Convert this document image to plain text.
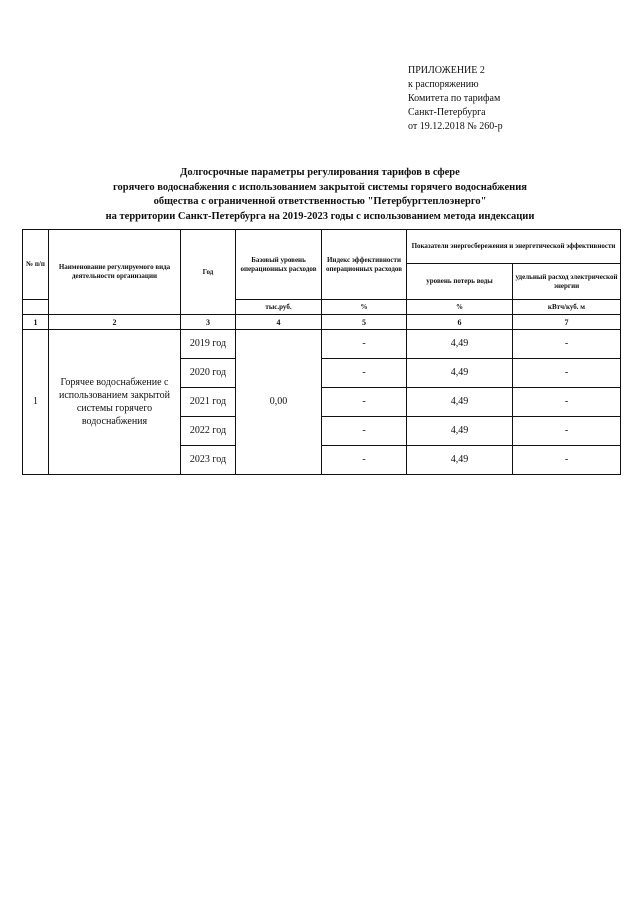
ПРИЛОЖЕНИЕ 2
к распоряжению
Комитета по тарифам
Санкт-Петербурга
от 19.12.2018 № 260-р
Долгосрочные параметры регулирования тарифов в сфере
горячего водоснабжения с использованием закрытой системы горячего водоснабжения
общества с ограниченной ответственностью "Петербургтеплоэнерго"
на территории Санкт-Петербурга на 2019-2023 годы с использованием метода индексации
№ п/п	Наименование регулируемого вида деятельности организации	Год	Базовый уровень операционных расходов	Индекс эффективности операционных расходов	Показатели энергосбережения и энергетической эффективности	
					уровень потерь воды	удельный расход электрической энергии
			тыс.руб.	%	%	кВтч/куб. м
1	2	3	4	5	6	7
1	Горячее водоснабжение с использованием закрытой системы горячего водоснабжения	2019 год	0,00	-	4,49	-
		2020 год		-	4,49	-
		2021 год		-	4,49	-
		2022 год		-	4,49	-
		2023 год		-	4,49	-
